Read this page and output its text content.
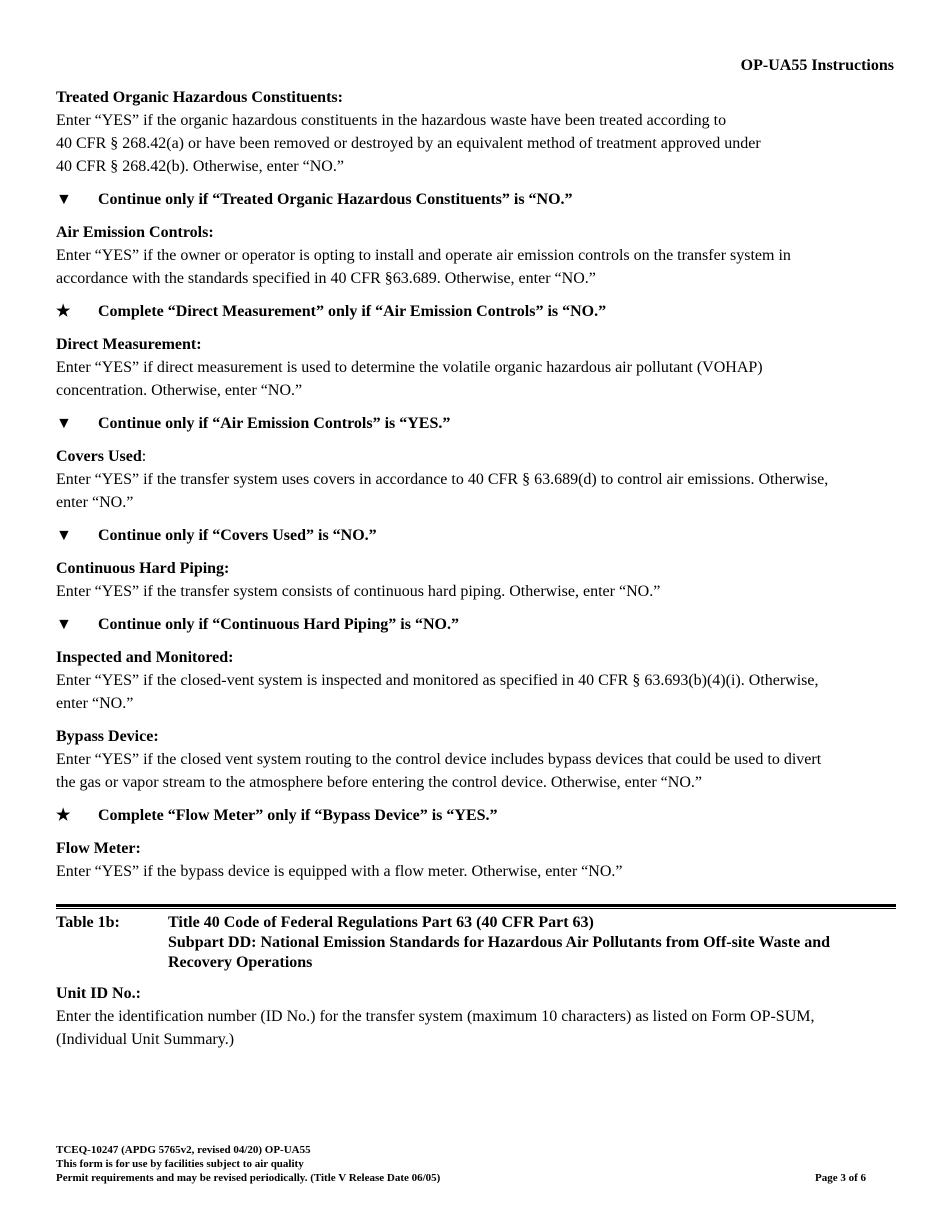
OP-UA55 Instructions
Treated Organic Hazardous Constituents:
Enter “YES” if the organic hazardous constituents in the hazardous waste have been treated according to
40 CFR § 268.42(a) or have been removed or destroyed by an equivalent method of treatment approved under
40 CFR § 268.42(b). Otherwise, enter “NO.”
▼	Continue only if “Treated Organic Hazardous Constituents” is “NO.”
Air Emission Controls:
Enter “YES” if the owner or operator is opting to install and operate air emission controls on the transfer system in
accordance with the standards specified in 40 CFR §63.689. Otherwise, enter “NO.”
★	Complete “Direct Measurement” only if “Air Emission Controls” is “NO.”
Direct Measurement:
Enter “YES” if direct measurement is used to determine the volatile organic hazardous air pollutant (VOHAP)
concentration. Otherwise, enter “NO.”
▼	Continue only if “Air Emission Controls” is “YES.”
Covers Used:
Enter “YES” if the transfer system uses covers in accordance to 40 CFR § 63.689(d) to control air emissions. Otherwise,
enter “NO.”
▼	Continue only if “Covers Used” is “NO.”
Continuous Hard Piping:
Enter “YES” if the transfer system consists of continuous hard piping. Otherwise, enter “NO.”
▼	Continue only if “Continuous Hard Piping” is “NO.”
Inspected and Monitored:
Enter “YES” if the closed-vent system is inspected and monitored as specified in 40 CFR § 63.693(b)(4)(i). Otherwise,
enter “NO.”
Bypass Device:
Enter “YES” if the closed vent system routing to the control device includes bypass devices that could be used to divert
the gas or vapor stream to the atmosphere before entering the control device. Otherwise, enter “NO.”
★	Complete “Flow Meter” only if “Bypass Device” is “YES.”
Flow Meter:
Enter “YES” if the bypass device is equipped with a flow meter. Otherwise, enter “NO.”
Table 1b:	Title 40 Code of Federal Regulations Part 63 (40 CFR Part 63)
Subpart DD: National Emission Standards for Hazardous Air Pollutants from Off-site Waste and
Recovery Operations
Unit ID No.:
Enter the identification number (ID No.) for the transfer system (maximum 10 characters) as listed on Form OP-SUM,
(Individual Unit Summary.)
TCEQ-10247 (APDG 5765v2, revised 04/20) OP-UA55
This form is for use by facilities subject to air quality
Permit requirements and may be revised periodically. (Title V Release Date 06/05)	Page 3 of 6
